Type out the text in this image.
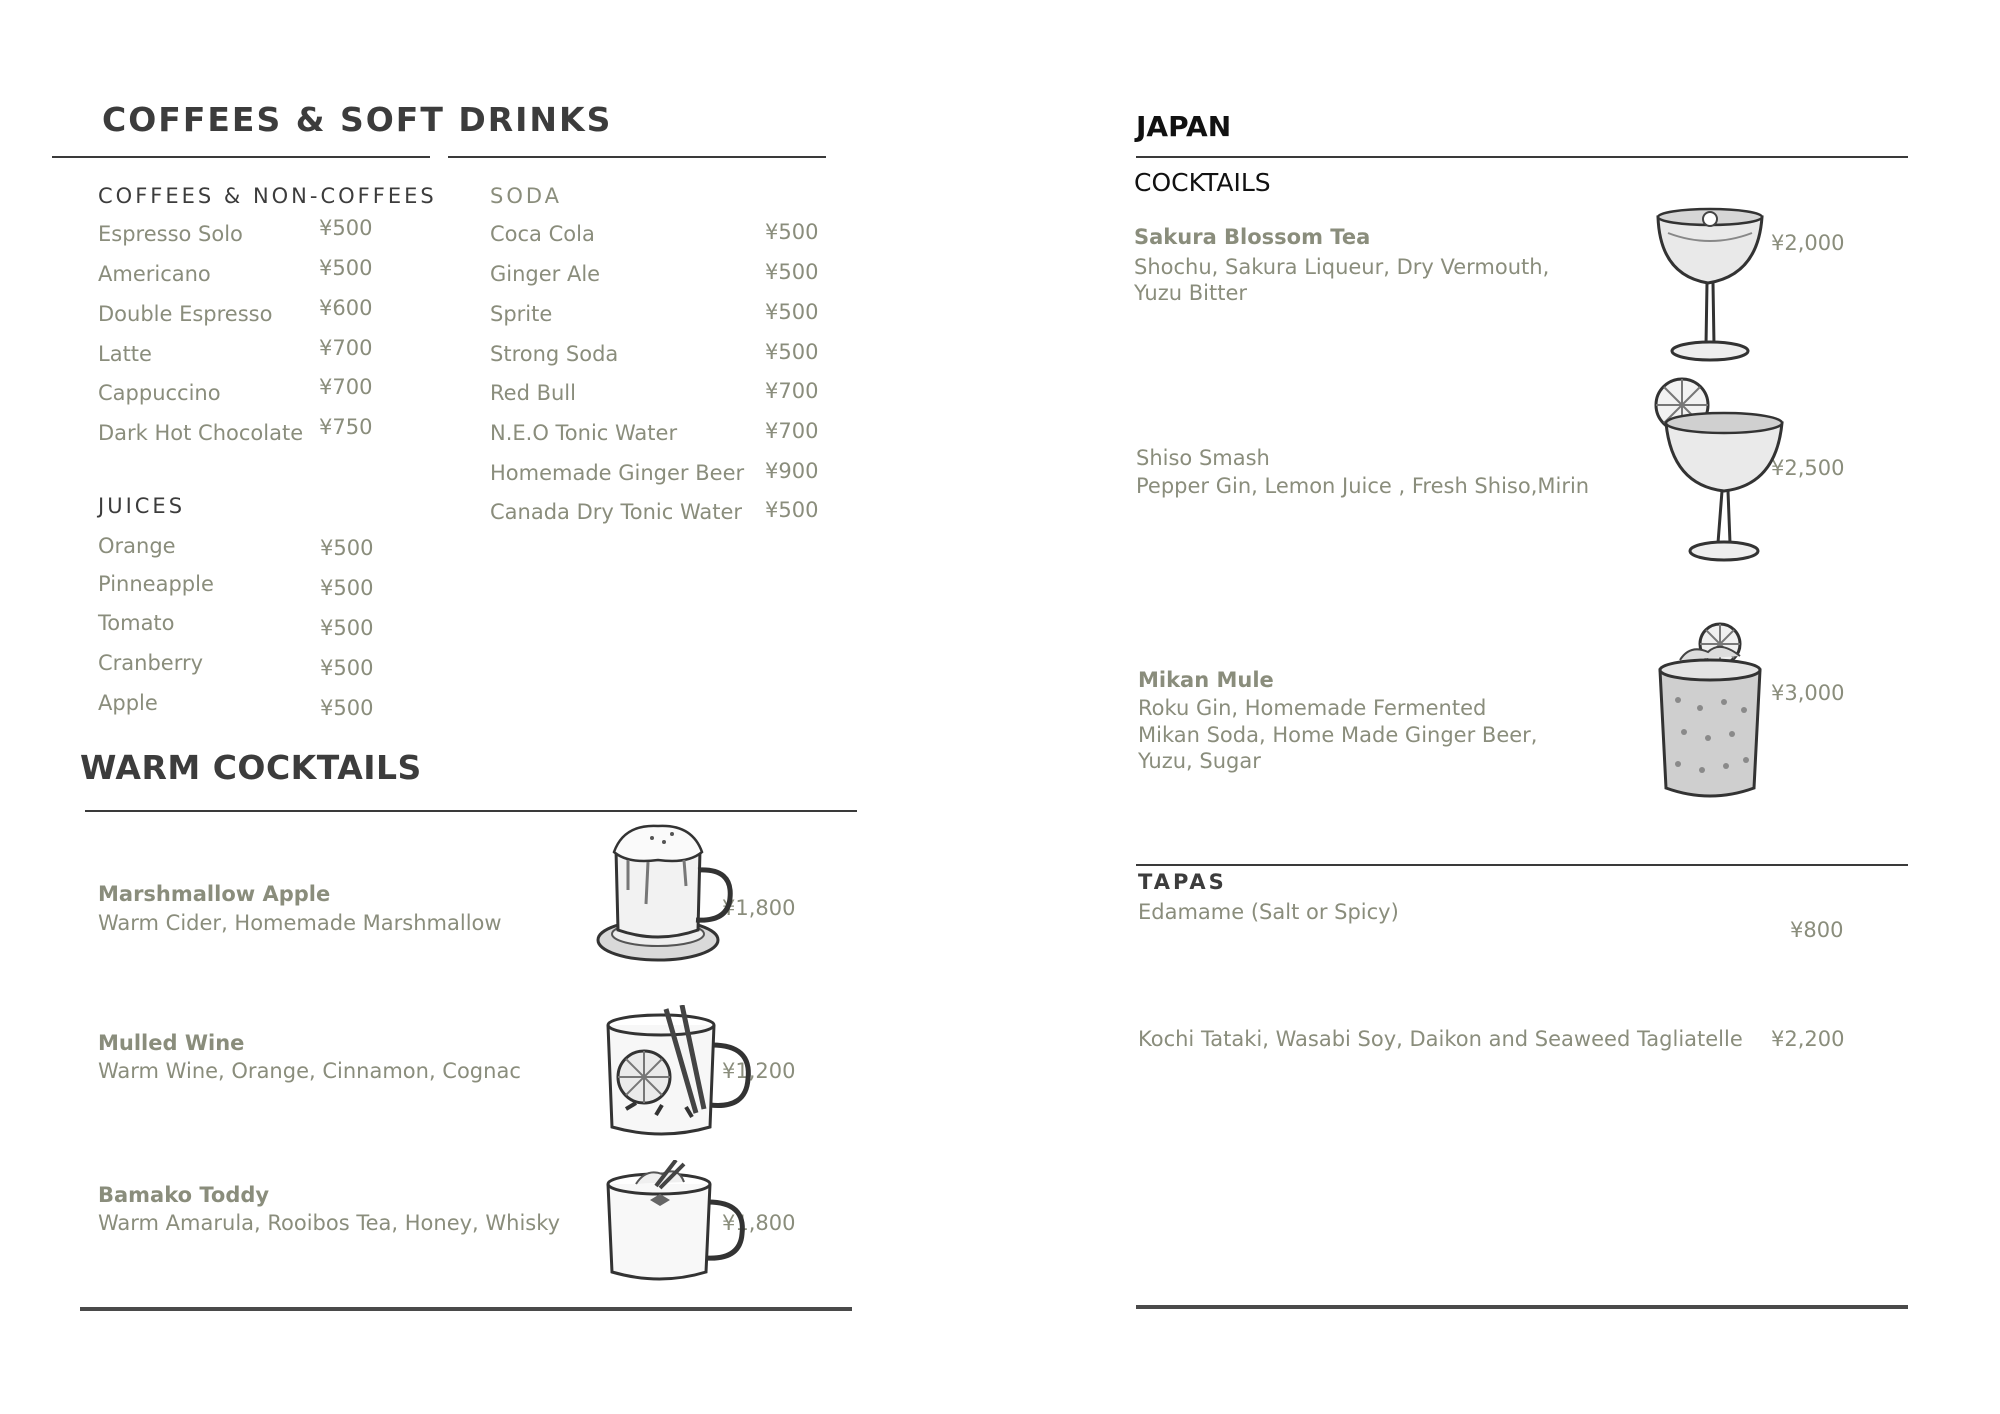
COFFEES & SOFT DRINKS
COFFEES & NON-COFFEES
Espresso Solo	¥500
Americano	¥500
Double Espresso ¥600
Latte	¥700
Cappuccino	¥700
Dark Hot Chocolate ¥750
JUICES
Orange	¥500
Pinneapple	¥500
Tomato	¥500
Cranberry	¥500
Apple	¥500
SODA
Coca Cola	¥500
Ginger Ale	¥500
Sprite	¥500
Strong Soda	¥500
Red Bull	¥700
N.E.O Tonic Water	¥700
Homemade Ginger Beer ¥900
Canada Dry Tonic Water ¥500
WARM COCKTAILS
Marshmallow Apple
Warm Cider, Homemade Marshmallow
¥1,800
Mulled Wine
Warm Wine, Orange, Cinnamon, Cognac	¥1,200
Bamako Toddy
Warm Amarula, Rooibos Tea, Honey, Whisky	¥1,800
JAPAN
COCKTAILS
Sakura Blossom Tea
Shochu, Sakura Liqueur, Dry Vermouth,
Yuzu Bitter
¥2,000
Shiso Smash
Pepper Gin, Lemon Juice , Fresh Shiso,Mirin
¥2,500
Mikan Mule
Roku Gin, Homemade Fermented
Mikan Soda, Home Made Ginger Beer,
Yuzu, Sugar
¥3,000
TAPAS
Edamame (Salt or Spicy)
¥800
Kochi Tataki, Wasabi Soy, Daikon and Seaweed Tagliatelle ¥2,200
